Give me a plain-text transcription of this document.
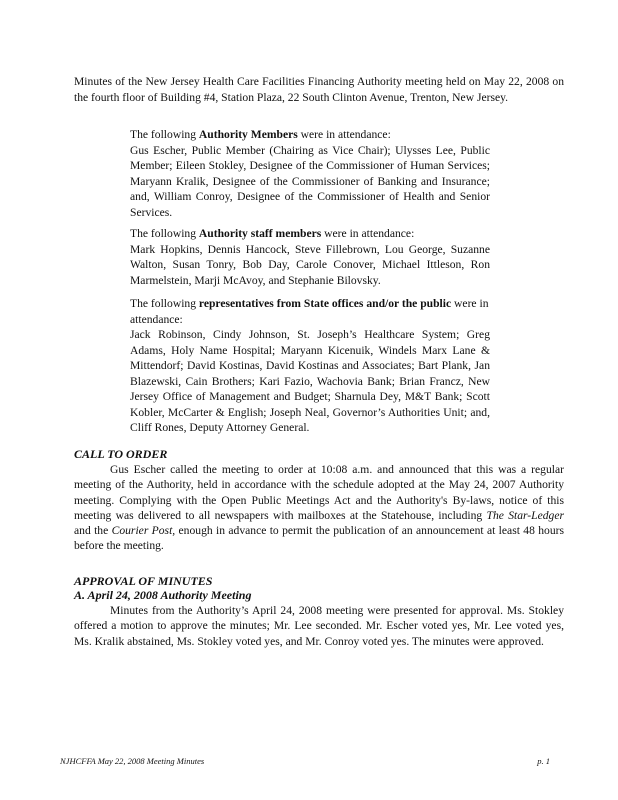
Minutes of the New Jersey Health Care Facilities Financing Authority meeting held on May 22, 2008 on the fourth floor of Building #4, Station Plaza, 22 South Clinton Avenue, Trenton, New Jersey.

The following Authority Members were in attendance:

Gus Escher, Public Member (Chairing as Vice Chair); Ulysses Lee, Public Member; Eileen Stokley, Designee of the Commissioner of Human Services; Maryann Kralik, Designee of the Commissioner of Banking and Insurance; and, William Conroy, Designee of the Commissioner of Health and Senior Services.

The following Authority staff members were in attendance:

Mark Hopkins, Dennis Hancock, Steve Fillebrown, Lou George, Suzanne Walton, Susan Tonry, Bob Day, Carole Conover, Michael Ittleson, Ron Marmelstein, Marji McAvoy, and Stephanie Bilovsky.

The following representatives from State offices and/or the public were in attendance:

Jack Robinson, Cindy Johnson, St. Joseph’s Healthcare System; Greg Adams, Holy Name Hospital; Maryann Kicenuik, Windels Marx Lane & Mittendorf; David Kostinas, David Kostinas and Associates; Bart Plank, Jan Blazewski, Cain Brothers; Kari Fazio, Wachovia Bank; Brian Francz, New Jersey Office of Management and Budget; Sharnula Dey, M&T Bank; Scott Kobler, McCarter & English; Joseph Neal, Governor’s Authorities Unit; and, Cliff Rones, Deputy Attorney General.

CALL TO ORDER

Gus Escher called the meeting to order at 10:08 a.m. and announced that this was a regular meeting of the Authority, held in accordance with the schedule adopted at the May 24, 2007 Authority meeting. Complying with the Open Public Meetings Act and the Authority's By-laws, notice of this meeting was delivered to all newspapers with mailboxes at the Statehouse, including The Star-Ledger and the Courier Post, enough in advance to permit the publication of an announcement at least 48 hours before the meeting.

APPROVAL OF MINUTES
A. April 24, 2008 Authority Meeting

Minutes from the Authority’s April 24, 2008 meeting were presented for approval. Ms. Stokley offered a motion to approve the minutes; Mr. Lee seconded. Mr. Escher voted yes, Mr. Lee voted yes, Ms. Kralik abstained, Ms. Stokley voted yes, and Mr. Conroy voted yes. The minutes were approved.

NJHCFFA May 22, 2008 Meeting Minutes	p. 1
